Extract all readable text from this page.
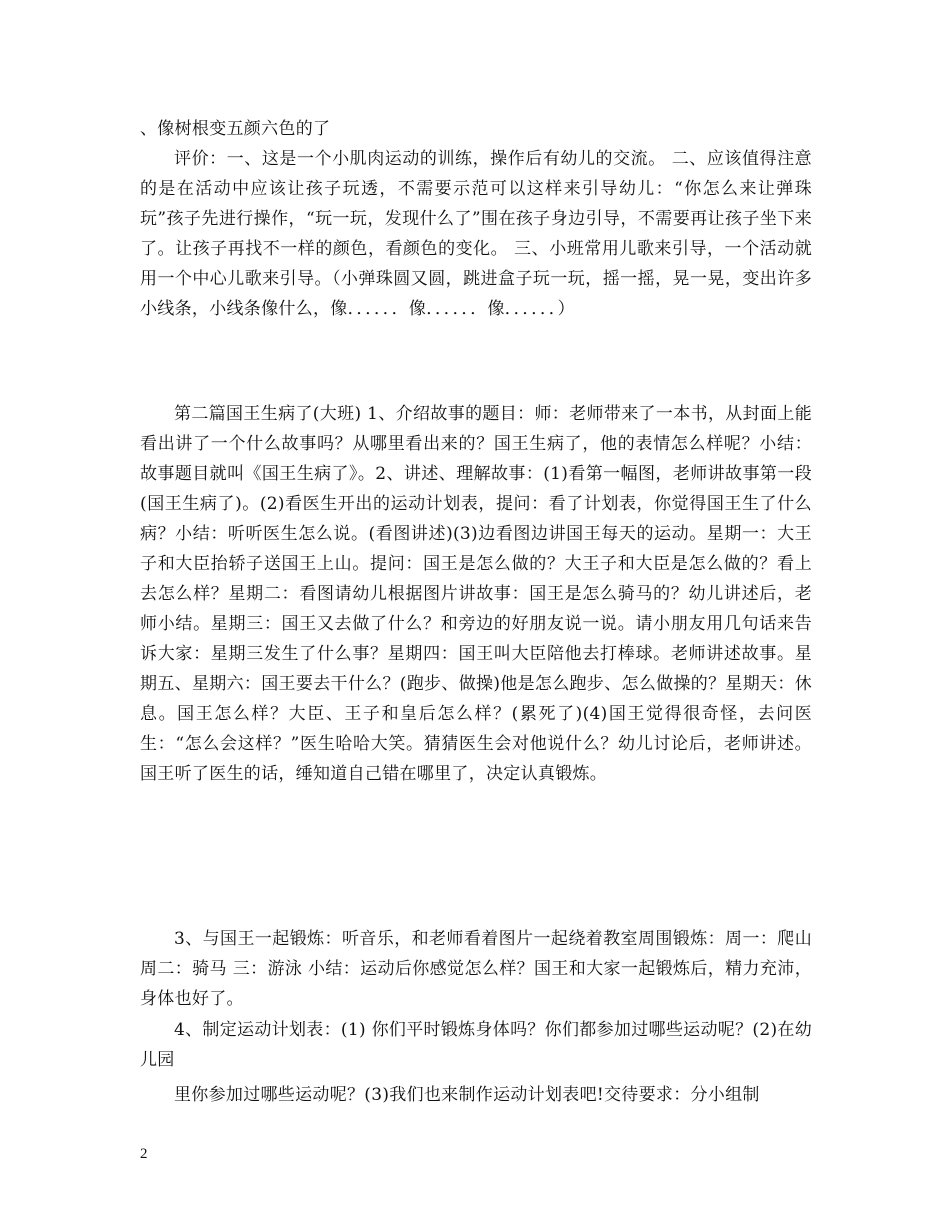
、像树根变五颜六色的了

评价：一、这是一个小肌肉运动的训练，操作后有幼儿的交流。 二、应该值得注意的是在活动中应该让孩子玩透，不需要示范可以这样来引导幼儿：“你怎么来让弹珠玩”孩子先进行操作，“玩一玩，发现什么了”围在孩子身边引导，不需要再让孩子坐下来了。让孩子再找不一样的颜色，看颜色的变化。 三、小班常用儿歌来引导，一个活动就用一个中心儿歌来引导。（小弹珠圆又圆，跳进盒子玩一玩，摇一摇，晃一晃，变出许多小线条，小线条像什么，像．．．．．．像．．．．．．像．．．．．．）

第二篇国王生病了(大班) 1、介绍故事的题目：师：老师带来了一本书，从封面上能看出讲了一个什么故事吗？从哪里看出来的？国王生病了，他的表情怎么样呢？小结：故事题目就叫《国王生病了》。2、讲述、理解故事：(1)看第一幅图，老师讲故事第一段(国王生病了)。(2)看医生开出的运动计划表，提问：看了计划表，你觉得国王生了什么病？小结：听听医生怎么说。(看图讲述)(3)边看图边讲国王每天的运动。星期一：大王子和大臣抬轿子送国王上山。提问：国王是怎么做的？大王子和大臣是怎么做的？看上去怎么样？星期二：看图请幼儿根据图片讲故事：国王是怎么骑马的？幼儿讲述后，老师小结。星期三：国王又去做了什么？和旁边的好朋友说一说。请小朋友用几句话来告诉大家：星期三发生了什么事？星期四：国王叫大臣陪他去打棒球。老师讲述故事。星期五、星期六：国王要去干什么？(跑步、做操)他是怎么跑步、怎么做操的？星期天：休息。国王怎么样？大臣、王子和皇后怎么样？(累死了)(4)国王觉得很奇怪，去问医生：“怎么会这样？”医生哈哈大笑。猜猜医生会对他说什么？幼儿讨论后，老师讲述。国王听了医生的话，缍知道自己错在哪里了，决定认真锻炼。

3、与国王一起锻炼：听音乐，和老师看着图片一起绕着教室周围锻炼：周一：爬山 周二：骑马 三：游泳 小结：运动后你感觉怎么样？国王和大家一起锻炼后，精力充沛，身体也好了。

4、制定运动计划表：(1) 你们平时锻炼身体吗？你们都参加过哪些运动呢？(2)在幼儿园

里你参加过哪些运动呢？(3)我们也来制作运动计划表吧!交待要求：分小组制

2
